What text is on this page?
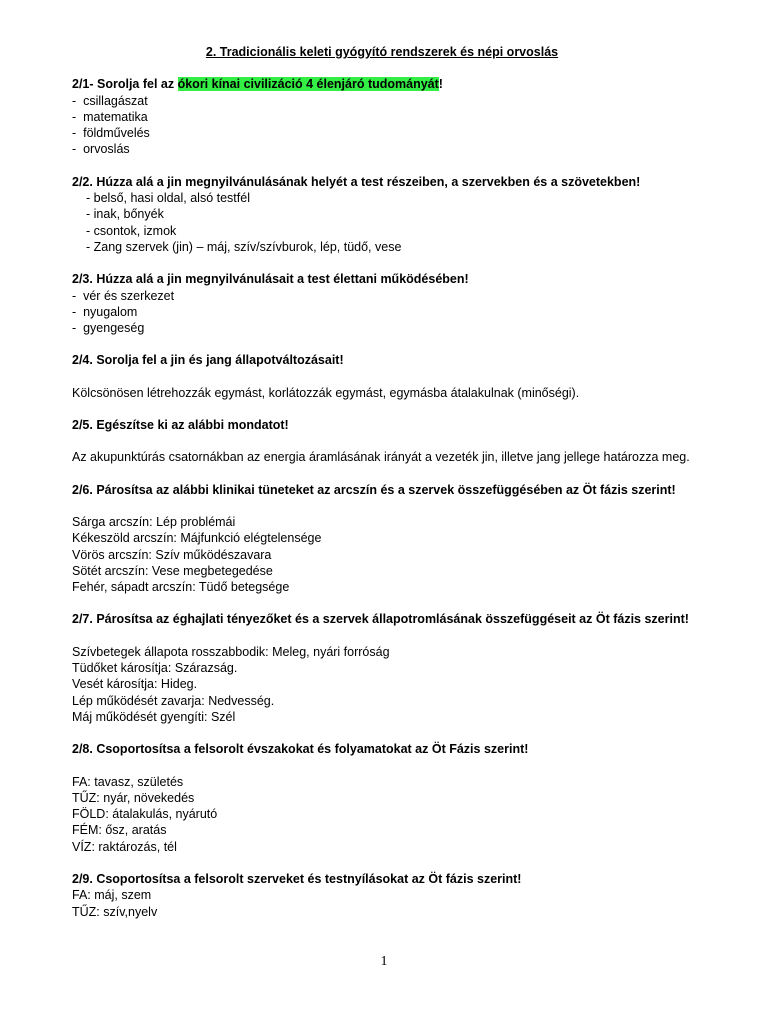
2. Tradicionális keleti gyógyító rendszerek és népi orvoslás
2/1- Sorolja fel az ókori kínai civilizáció 4 élenjáró tudományát!
-  csillagászat
-  matematika
-  földművelés
-  orvoslás
2/2. Húzza alá a jin megnyilvánulásának helyét a test részeiben, a szervekben és a szövetekben!
- belső, hasi oldal, alsó testfél
- inak, bőnyék
- csontok, izmok
- Zang szervek (jin) – máj, szív/szívburok, lép, tüdő, vese
2/3. Húzza alá a jin megnyilvánulásait a test élettani működésében!
-  vér és szerkezet
-  nyugalom
-  gyengeség
2/4. Sorolja fel a jin és jang állapotváltozásait!
Kölcsönösen létrehozzák egymást, korlátozzák egymást, egymásba átalakulnak (minőségi).
2/5. Egészítse ki az alábbi mondatot!
Az akupunktúrás csatornákban az energia áramlásának irányát a vezeték jin, illetve jang jellege határozza meg.
2/6. Párosítsa az alábbi klinikai tüneteket az arcszín és a szervek összefüggésében az Öt fázis szerint!
Sárga arcszín: Lép problémái
Kékeszöld arcszín: Májfunkció elégtelensége
Vörös arcszín: Szív működészavara
Sötét arcszín: Vese megbetegedése
Fehér, sápadt arcszín: Tüdő betegsége
2/7. Párosítsa az éghajlati tényezőket és a szervek állapotromlásának összefüggéseit az Öt fázis szerint!
Szívbetegek állapota rosszabbodik: Meleg, nyári forróság
Tüdőket károsítja: Szárazság.
Vesét károsítja: Hideg.
Lép működését zavarja: Nedvesség.
Máj működését gyengíti: Szél
2/8. Csoportosítsa a felsorolt évszakokat és folyamatokat az Öt Fázis szerint!
FA: tavasz, születés
TŰZ: nyár, növekedés
FÖLD: átalakulás, nyárutó
FÉM: ősz, aratás
VÍZ: raktározás, tél
2/9. Csoportosítsa a felsorolt szerveket és testnyílásokat az Öt fázis szerint!
FA: máj, szem
TŰZ: szív,nyelv
1
